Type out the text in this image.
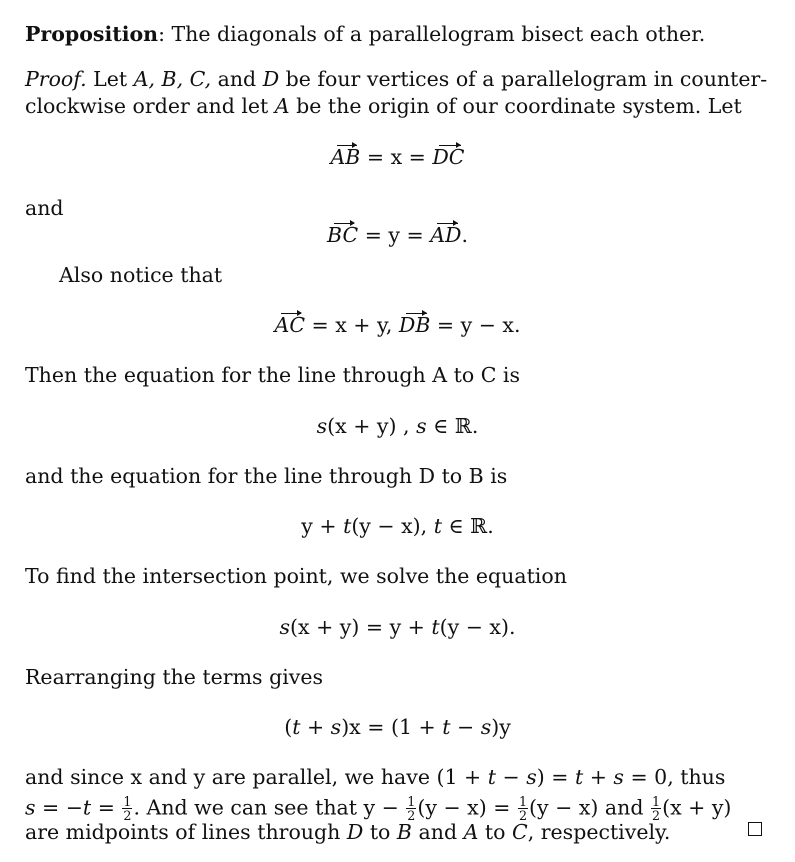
Proposition: The diagonals of a parallelogram bisect each other.
Proof. Let A, B, C, and D be four vertices of a parallelogram in counter-
clockwise order and let A be the origin of our coordinate system. Let
AB = x = DC
and
BC = y = AD.
Also notice that
AC = x + y, DB = y − x.
Then the equation for the line through A to C is
s(x + y) , s ∈ ℝ.
and the equation for the line through D to B is
y + t(y − x), t ∈ ℝ.
To find the intersection point, we solve the equation
s(x + y) = y + t(y − x).
Rearranging the terms gives
(t + s)x = (1 + t − s)y
and since x and y are parallel, we have (1 + t − s) = t + s = 0, thus
$s = -t = \frac{1}{2}$ . And we can see that $y - \frac{1}{2} (y - x) = \frac{1}{2} (y - x)$ and $\frac{1}{2} (x + y)$
are midpoints of lines through D to B and A to C, respectively.
